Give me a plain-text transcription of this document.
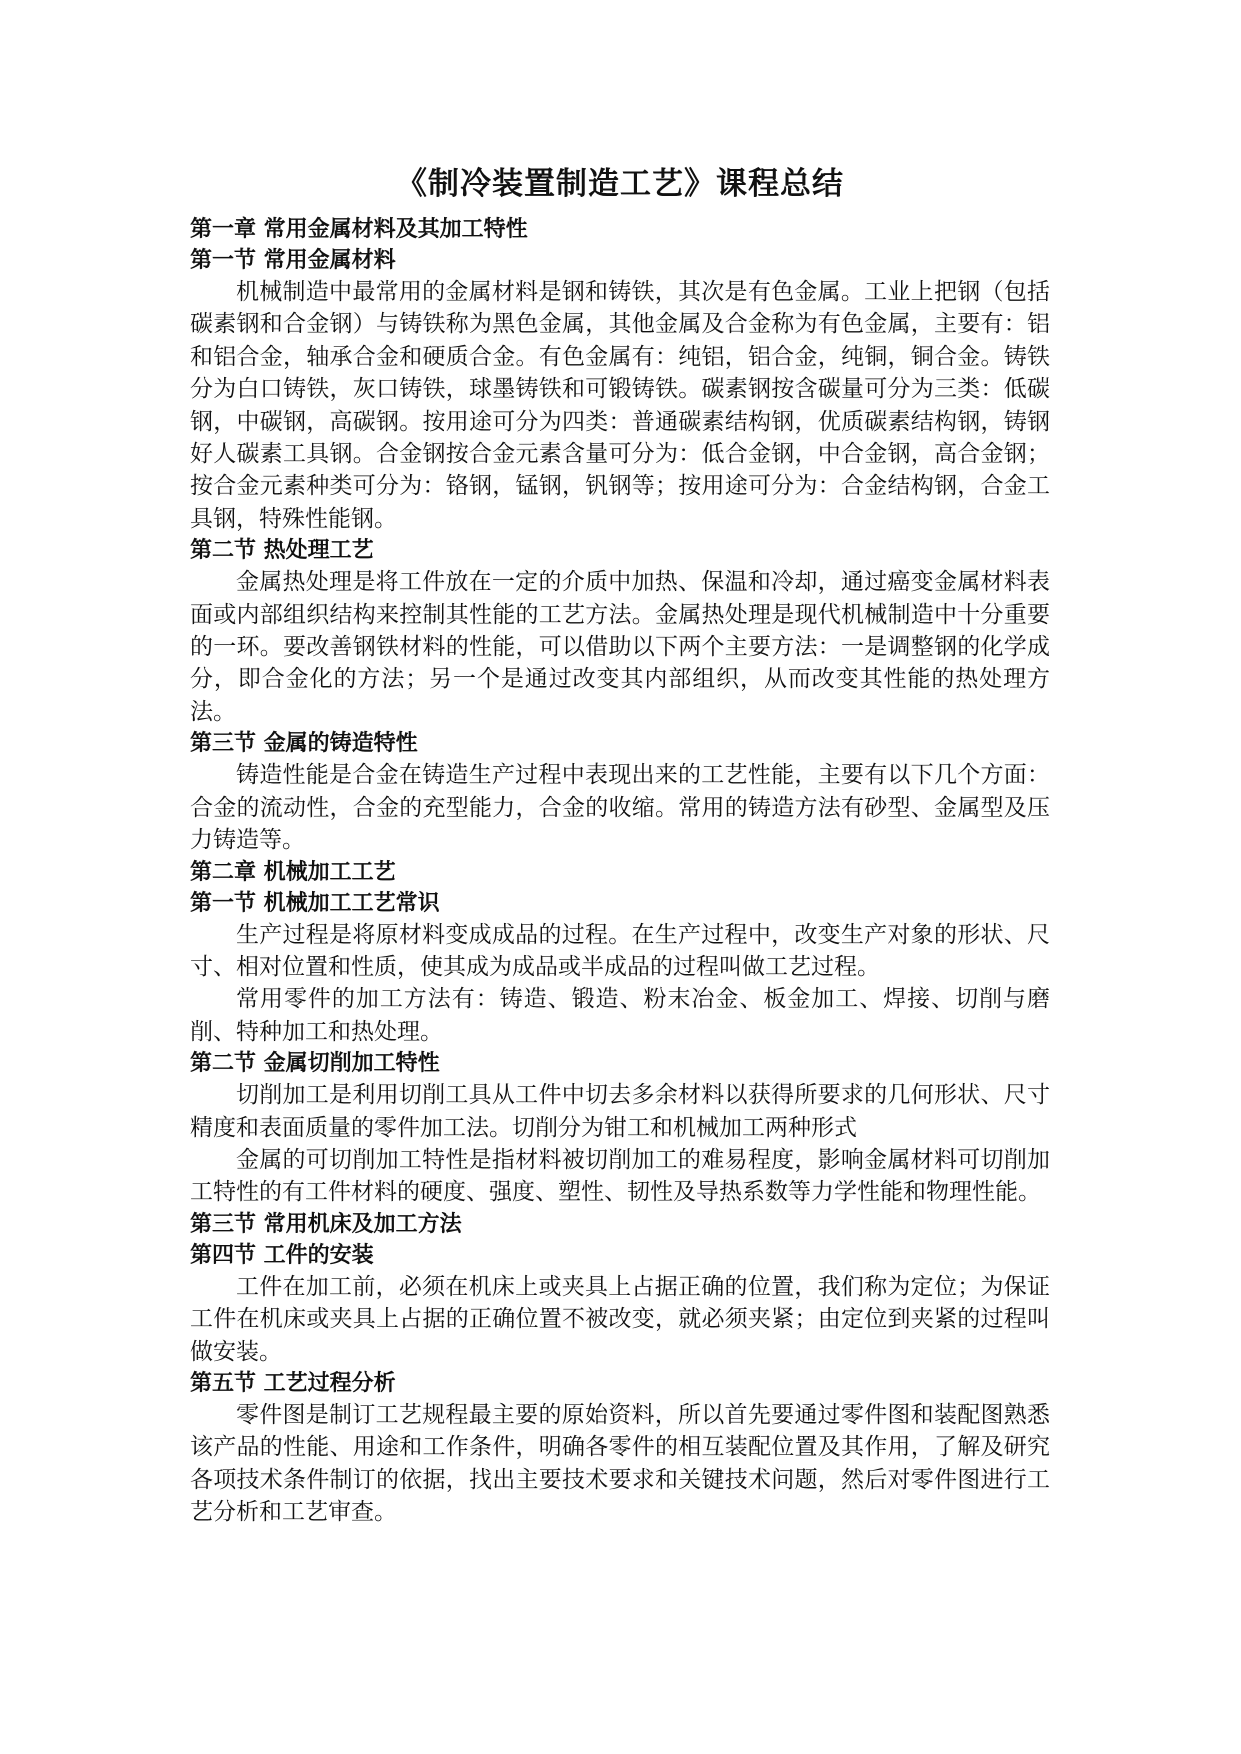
《制冷装置制造工艺》课程总结
第一章 常用金属材料及其加工特性
第一节 常用金属材料
机械制造中最常用的金属材料是钢和铸铁，其次是有色金属。工业上把钢（包括碳素钢和合金钢）与铸铁称为黑色金属，其他金属及合金称为有色金属，主要有：铝和铝合金，轴承合金和硬质合金。有色金属有：纯铝，铝合金，纯铜，铜合金。铸铁分为白口铸铁，灰口铸铁，球墨铸铁和可锻铸铁。碳素钢按含碳量可分为三类：低碳钢，中碳钢，高碳钢。按用途可分为四类：普通碳素结构钢，优质碳素结构钢，铸钢好人碳素工具钢。合金钢按合金元素含量可分为：低合金钢，中合金钢，高合金钢；按合金元素种类可分为：铬钢，锰钢，钒钢等；按用途可分为：合金结构钢，合金工具钢，特殊性能钢。
第二节 热处理工艺
金属热处理是将工件放在一定的介质中加热、保温和冷却，通过癌变金属材料表面或内部组织结构来控制其性能的工艺方法。金属热处理是现代机械制造中十分重要的一环。要改善钢铁材料的性能，可以借助以下两个主要方法：一是调整钢的化学成分，即合金化的方法；另一个是通过改变其内部组织，从而改变其性能的热处理方法。
第三节 金属的铸造特性
铸造性能是合金在铸造生产过程中表现出来的工艺性能，主要有以下几个方面：合金的流动性，合金的充型能力，合金的收缩。常用的铸造方法有砂型、金属型及压力铸造等。
第二章 机械加工工艺
第一节 机械加工工艺常识
生产过程是将原材料变成成品的过程。在生产过程中，改变生产对象的形状、尺寸、相对位置和性质，使其成为成品或半成品的过程叫做工艺过程。
常用零件的加工方法有：铸造、锻造、粉末冶金、板金加工、焊接、切削与磨削、特种加工和热处理。
第二节 金属切削加工特性
切削加工是利用切削工具从工件中切去多余材料以获得所要求的几何形状、尺寸精度和表面质量的零件加工法。切削分为钳工和机械加工两种形式
金属的可切削加工特性是指材料被切削加工的难易程度，影响金属材料可切削加工特性的有工件材料的硬度、强度、塑性、韧性及导热系数等力学性能和物理性能。
第三节 常用机床及加工方法
第四节 工件的安装
工件在加工前，必须在机床上或夹具上占据正确的位置，我们称为定位；为保证工件在机床或夹具上占据的正确位置不被改变，就必须夹紧；由定位到夹紧的过程叫做安装。
第五节 工艺过程分析
零件图是制订工艺规程最主要的原始资料，所以首先要通过零件图和装配图熟悉该产品的性能、用途和工作条件，明确各零件的相互装配位置及其作用，了解及研究各项技术条件制订的依据，找出主要技术要求和关键技术问题，然后对零件图进行工艺分析和工艺审查。
